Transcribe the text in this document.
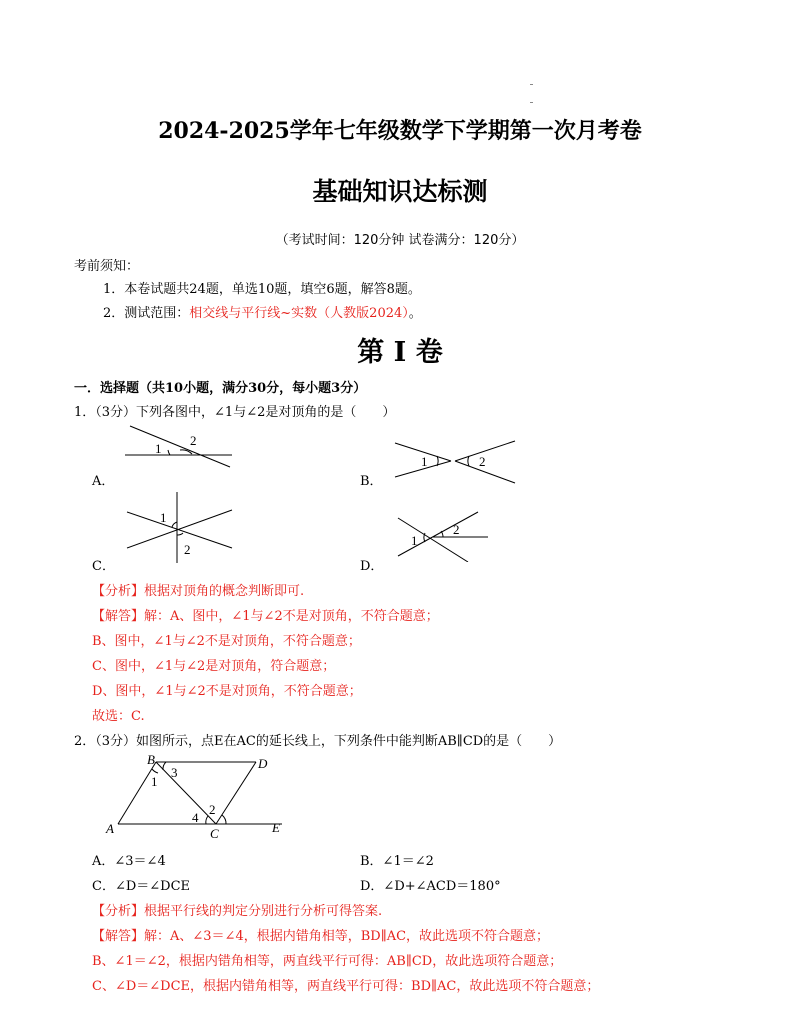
2024-2025学年七年级数学下学期第一次月考卷
基础知识达标测
（考试时间：120分钟 试卷满分：120分）
考前须知：
1．本卷试题共24题，单选10题，填空6题，解答8题。
2．测试范围：相交线与平行线~实数（人教版2024）。
第 I 卷
一．选择题（共10小题，满分30分，每小题3分）
1．（3分）下列各图中，∠1与∠2是对顶角的是（　　）
A．
1
2
B．
1	2
C．
1
2
D．
1
2
【分析】根据对顶角的概念判断即可.
【解答】解：A、图中，∠1与∠2不是对顶角，不符合题意；
B、图中，∠1与∠2不是对顶角，不符合题意；
C、图中，∠1与∠2是对顶角，符合题意；
D、图中，∠1与∠2不是对顶角，不符合题意；
故选：C.
2．（3分）如图所示，点E在AC的延长线上，下列条件中能判断AB∥CD的是（　　）
B	D
A	C	E
1
2
3
4
A．∠3＝∠4	B．∠1＝∠2
C．∠D＝∠DCE	D．∠D+∠ACD＝180°
【分析】根据平行线的判定分别进行分析可得答案.
【解答】解：A、∠3＝∠4，根据内错角相等，BD∥AC，故此选项不符合题意；
B、∠1＝∠2，根据内错角相等，两直线平行可得：AB∥CD，故此选项符合题意；
C、∠D＝∠DCE，根据内错角相等，两直线平行可得：BD∥AC，故此选项不符合题意；
